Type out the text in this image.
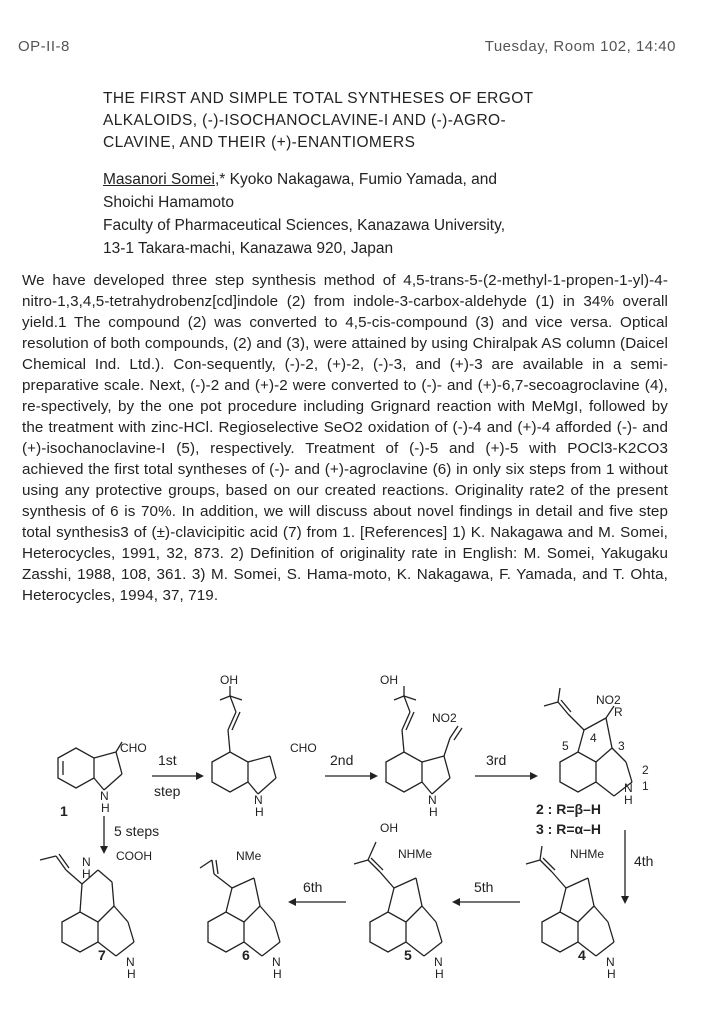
OP-II-8	Tuesday, Room 102, 14:40
THE FIRST AND SIMPLE TOTAL SYNTHESES OF ERGOT
ALKALOIDS, (-)-ISOCHANOCLAVINE-I AND (-)-AGRO-
CLAVINE, AND THEIR (+)-ENANTIOMERS
Masanori Somei,* Kyoko Nakagawa, Fumio Yamada, and
Shoichi Hamamoto
Faculty of Pharmaceutical Sciences, Kanazawa University,
13-1 Takara-machi, Kanazawa 920, Japan
We have developed three step synthesis method of 4,5-trans-5-(2-methyl-1-propen-1-yl)-4-nitro-1,3,4,5-tetrahydrobenz[cd]indole (2) from indole-3-carbox-aldehyde (1) in 34% overall yield.1 The compound (2) was converted to 4,5-cis-compound (3) and vice versa. Optical resolution of both compounds, (2) and (3), were attained by using Chiralpak AS column (Daicel Chemical Ind. Ltd.). Con-sequently, (-)-2, (+)-2, (-)-3, and (+)-3 are available in a semi-preparative scale. Next, (-)-2 and (+)-2 were converted to (-)- and (+)-6,7-secoagroclavine (4), re-spectively, by the one pot procedure including Grignard reaction with MeMgI, followed by the treatment with zinc-HCl. Regioselective SeO2 oxidation of (-)-4 and (+)-4 afforded (-)- and (+)-isochanoclavine-I (5), respectively. Treatment of (-)-5 and (+)-5 with POCl3-K2CO3 achieved the first total syntheses of (-)- and (+)-agroclavine (6) in only six steps from 1 without using any protective groups, based on our created reactions. Originality rate2 of the present synthesis of 6 is 70%. In addition, we will discuss about novel findings in detail and five step total synthesis3 of (±)-clavicipitic acid (7) from 1. [References] 1) K. Nakagawa and M. Somei, Heterocycles, 1991, 32, 873. 2) Definition of originality rate in English: M. Somei, Yakugaku Zasshi, 1988, 108, 361. 3) M. Somei, S. Hama-moto, K. Nakagawa, F. Yamada, and T. Ohta, Heterocycles, 1994, 37, 719.
1st
step
2nd	3rd
4th
5th
6th
5 steps
CHO
N
H
OH
CHO
N
H
OH
NO2
N
H
NO2
R
5
4
3
2
1
N
H
NHMe
N
H
OH
NHMe
N
H
NMe
N
H
N
H
COOH
N
H
1	2 : R=β–H
3 : R=α–H
4
5
6
7
